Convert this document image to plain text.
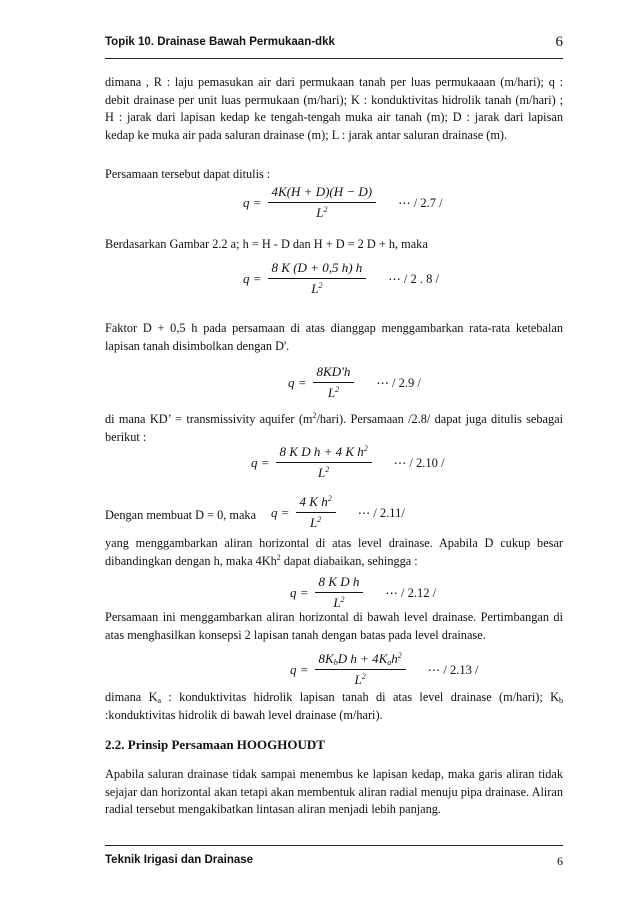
Topik 10. Drainase Bawah Permukaan-dkk	6

dimana , R : laju pemasukan air dari permukaan tanah per luas permukaaan (m/hari); q : debit drainase per unit luas permukaan (m/hari); K : konduktivitas hidrolik tanah (m/hari) ; H : jarak dari lapisan kedap ke tengah-tengah muka air tanah (m); D : jarak dari lapisan kedap ke muka air pada saluran drainase (m); L : jarak antar saluran drainase (m).

Persamaan tersebut dapat ditulis :

$q = \frac{4K(H + D)(H - D)}{L^2}$ ⋯ / 2.7 /

Berdasarkan Gambar 2.2 a; h = H - D dan H + D = 2 D + h, maka

$q = \frac{8 K (D + 0,5 h) h}{L^2}$ ⋯ / 2 . 8 /

Faktor D + 0,5 h pada persamaan di atas dianggap menggambarkan rata-rata ketebalan lapisan tanah disimbolkan dengan D'.

$q = \frac{8KD'h}{L^2}$ ⋯ / 2.9 /

di mana KD’ = transmissivity aquifer $(m^2/hari)$. Persamaan /2.8/ dapat juga ditulis sebagai berikut :

$q = \frac{8 K D h + 4 K h^2}{L^2}$ ⋯ / 2.10 /

Dengan membuat D = 0, maka	$q = \frac{4 K h^2}{L^2}$ ⋯ / 2.11/

yang menggambarkan aliran horizontal di atas level drainase. Apabila D cukup besar dibandingkan dengan h, maka 4Kh$^2$ dapat diabaikan, sehingga :

$q = \frac{\text{8 K D h}}{L^2}$ ⋯ / 2.12 /

Persamaan ini menggambarkan aliran horizontal di bawah level drainase. Pertimbangan di atas menghasilkan konsepsi 2 lapisan tanah dengan batas pada level drainase.

$q = \frac{8K_bD h + 4K_ah^2}{L^2}$ ⋯ / 2.13 /

dimana $K_a$ : konduktivitas hidrolik lapisan tanah di atas level drainase (m/hari); $K_b$ :konduktivitas hidrolik di bawah level drainase (m/hari).

2.2. Prinsip Persamaan HOOGHOUDT

Apabila saluran drainase tidak sampai menembus ke lapisan kedap, maka garis aliran tidak sejajar dan horizontal akan tetapi akan membentuk aliran radial menuju pipa drainase. Aliran radial tersebut mengakibatkan lintasan aliran menjadi lebih panjang.

Teknik Irigasi dan Drainase	6
